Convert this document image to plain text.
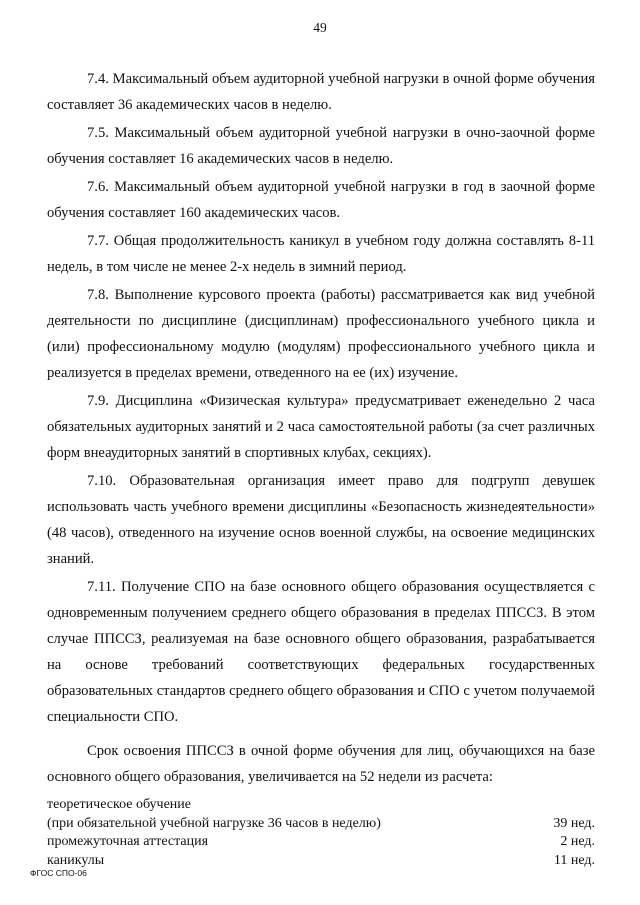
49

7.4. Максимальный объем аудиторной учебной нагрузки в очной форме обучения составляет 36 академических часов в неделю.

7.5. Максимальный объем аудиторной учебной нагрузки в очно-заочной форме обучения составляет 16 академических часов в неделю.

7.6. Максимальный объем аудиторной учебной нагрузки в год в заочной форме обучения составляет 160 академических часов.

7.7. Общая продолжительность каникул в учебном году должна составлять 8-11 недель, в том числе не менее 2-х недель в зимний период.

7.8. Выполнение курсового проекта (работы) рассматривается как вид учебной деятельности по дисциплине (дисциплинам) профессионального учебного цикла и (или) профессиональному модулю (модулям) профессионального учебного цикла и реализуется в пределах времени, отведенного на ее (их) изучение.

7.9. Дисциплина «Физическая культура» предусматривает еженедельно 2 часа обязательных аудиторных занятий и 2 часа самостоятельной работы (за счет различных форм внеаудиторных занятий в спортивных клубах, секциях).

7.10. Образовательная организация имеет право для подгрупп девушек использовать часть учебного времени дисциплины «Безопасность жизнедеятельности» (48 часов), отведенного на изучение основ военной службы, на освоение медицинских знаний.

7.11. Получение СПО на базе основного общего образования осуществляется с одновременным получением среднего общего образования в пределах ППССЗ. В этом случае ППССЗ, реализуемая на базе основного общего образования, разрабатывается на основе требований соответствующих федеральных государственных образовательных стандартов среднего общего образования и СПО с учетом получаемой специальности СПО.

Срок освоения ППССЗ в очной форме обучения для лиц, обучающихся на базе основного общего образования, увеличивается на 52 недели из расчета:

теоретическое обучение
(при обязательной учебной нагрузке 36 часов в неделю)	39 нед.
промежуточная аттестация	2 нед.
каникулы	11 нед.
ФГОС СПО-06
